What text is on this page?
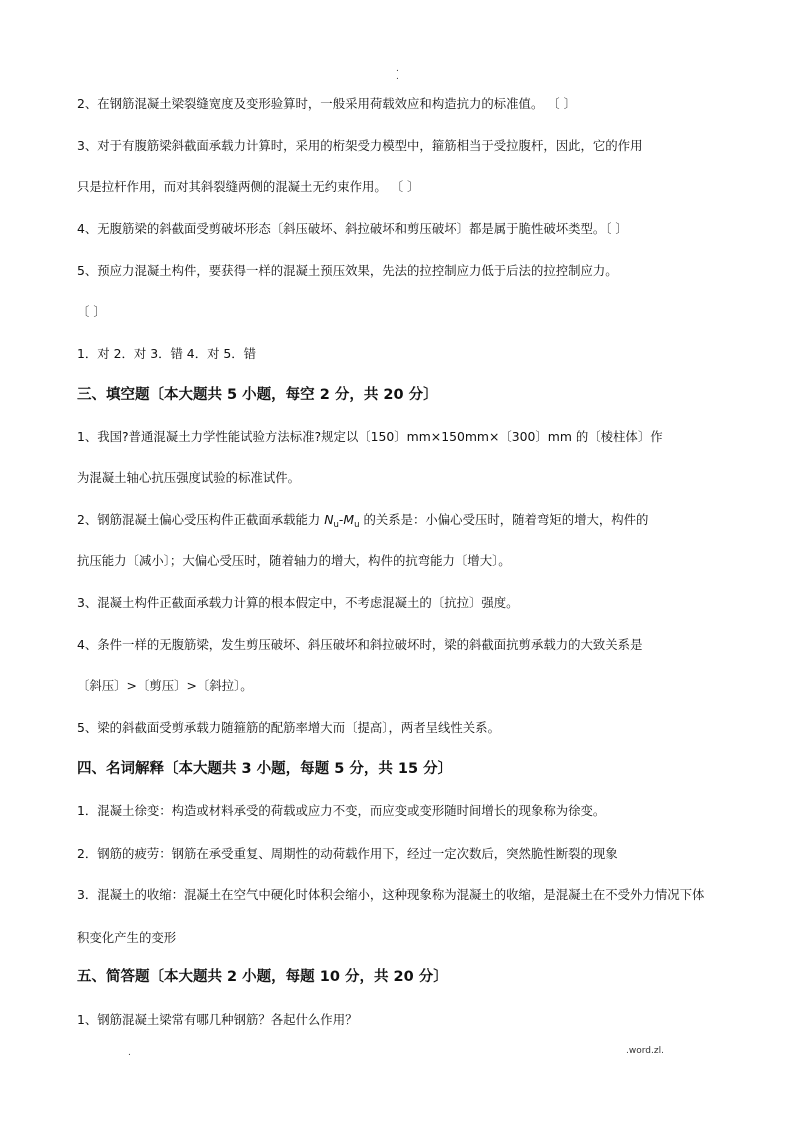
.
.
2、在钢筋混凝土梁裂缝宽度及变形验算时，一般采用荷载效应和构造抗力的标准值。 〔 〕
3、对于有腹筋梁斜截面承载力计算时，采用的桁架受力模型中，箍筋相当于受拉腹杆，因此，它的作用
只是拉杆作用，而对其斜裂缝两侧的混凝土无约束作用。 〔 〕
4、无腹筋梁的斜截面受剪破坏形态〔斜压破坏、斜拉破坏和剪压破坏〕都是属于脆性破坏类型。〔 〕
5、预应力混凝土构件，要获得一样的混凝土预压效果，先法的拉控制应力低于后法的拉控制应力。
〔 〕
1．对 2．对 3．错 4．对 5．错
三、填空题〔本大题共 5 小题，每空 2 分，共 20 分〕
1、我国?普通混凝土力学性能试验方法标准?规定以〔150〕mm×150mm×〔300〕mm 的〔棱柱体〕作
为混凝土轴心抗压强度试验的标准试件。
2、钢筋混凝土偏心受压构件正截面承载能力 $N_u-M_u$ 的关系是：小偏心受压时，随着弯矩的增大，构件的
抗压能力〔减小〕；大偏心受压时，随着轴力的增大，构件的抗弯能力〔增大〕。
3、混凝土构件正截面承载力计算的根本假定中，不考虑混凝土的〔抗拉〕强度。
4、条件一样的无腹筋梁，发生剪压破坏、斜压破坏和斜拉破坏时，梁的斜截面抗剪承载力的大致关系是
〔斜压〕>〔剪压〕>〔斜拉〕。
5、梁的斜截面受剪承载力随箍筋的配筋率增大而〔提高〕，两者呈线性关系。
四、名词解释〔本大题共 3 小题，每题 5 分，共 15 分〕
1．混凝土徐变：构造或材料承受的荷载或应力不变，而应变或变形随时间增长的现象称为徐变。
2．钢筋的疲劳：钢筋在承受重复、周期性的动荷载作用下，经过一定次数后，突然脆性断裂的现象
3．混凝土的收缩：混凝土在空气中硬化时体积会缩小，这种现象称为混凝土的收缩，是混凝土在不受外力情况下体
积变化产生的变形
五、简答题〔本大题共 2 小题，每题 10 分，共 20 分〕
1、钢筋混凝土梁常有哪几种钢筋？各起什么作用？
.	.word.zl.
